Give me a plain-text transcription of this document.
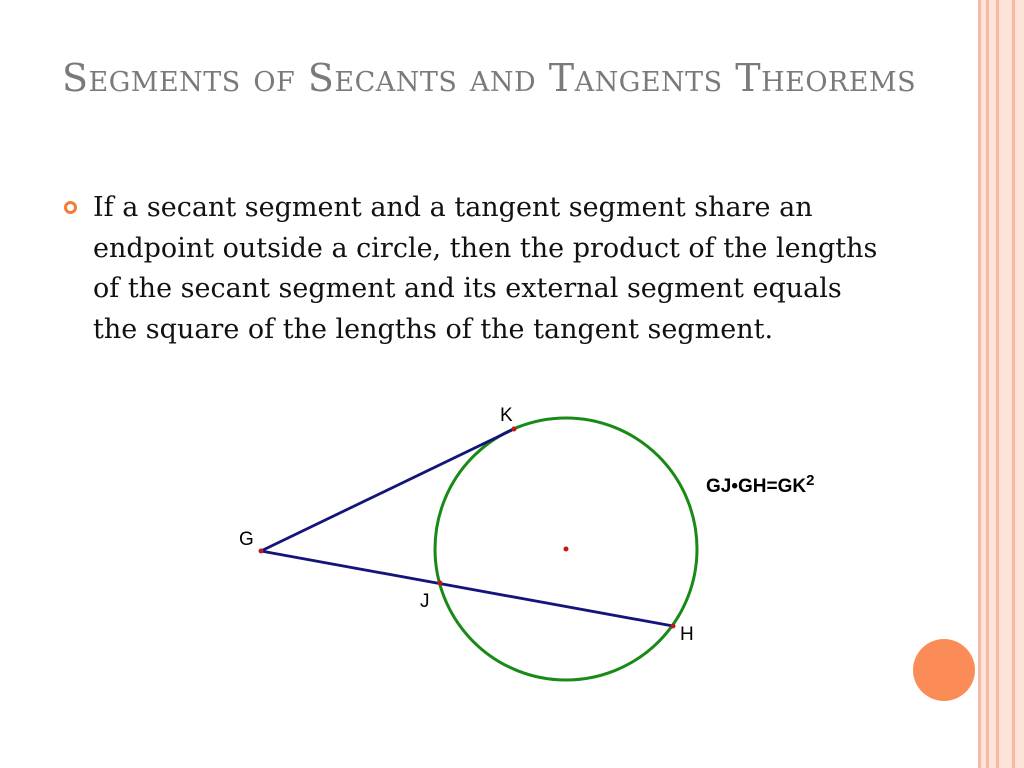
Segments of Secants and Tangents Theorems
If a secant segment and a tangent segment share an endpoint outside a circle, then the product of the lengths of the secant segment and its external segment equals the square of the lengths of the tangent segment.
K
G
J
H
$GJ•GH=GK^2$
